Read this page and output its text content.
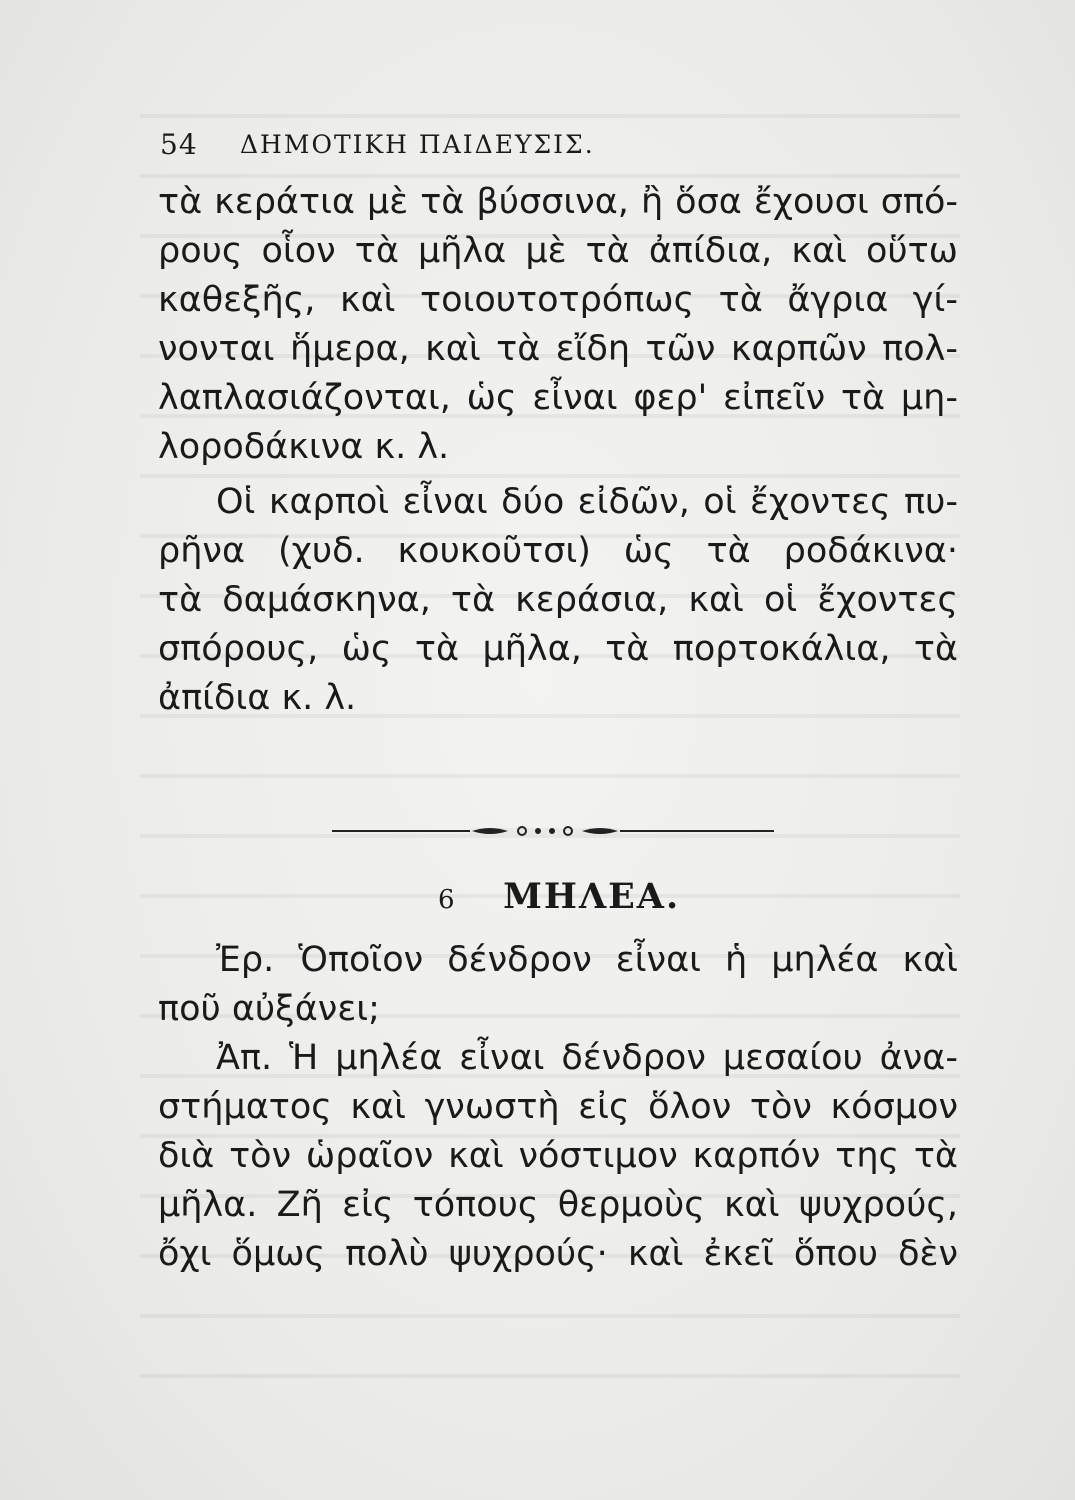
54 ΔΗΜΟΤΙΚΗ ΠΑΙΔΕΥΣΙΣ.
τὰ κεράτια μὲ τὰ βύσσινα, ἢ ὅσα ἔχουσι σπό-
ρους οἷον τὰ μῆλα μὲ τὰ ἀπίδια, καὶ οὕτω
καθεξῆς, καὶ τοιουτοτρόπως τὰ ἄγρια γί-
νονται ἥμερα, καὶ τὰ εἴδη τῶν καρπῶν πολ-
λαπλασιάζονται, ὡς εἶναι φερ' εἰπεῖν τὰ μη-
λοροδάκινα κ. λ.
Οἱ καρποὶ εἶναι δύο εἰδῶν, οἱ ἔχοντες πυ-
ρῆνα (χυδ. κουκοῦτσι) ὡς τὰ ροδάκινα·
τὰ δαμάσκηνα, τὰ κεράσια, καὶ οἱ ἔχοντες
σπόρους, ὡς τὰ μῆλα, τὰ πορτοκάλια, τὰ
ἀπίδια κ. λ.
6 ΜΗΛΕΑ.
Ἐρ. Ὁποῖον δένδρον εἶναι ἡ μηλέα καὶ
ποῦ αὐξάνει;
Ἀπ. Ἡ μηλέα εἶναι δένδρον μεσαίου ἀνα-
στήματος καὶ γνωστὴ εἰς ὅλον τὸν κόσμον
διὰ τὸν ὡραῖον καὶ νόστιμον καρπόν της τὰ
μῆλα. Ζῆ εἰς τόπους θερμοὺς καὶ ψυχρούς,
ὄχι ὅμως πολὺ ψυχρούς· καὶ ἐκεῖ ὅπου δὲν
